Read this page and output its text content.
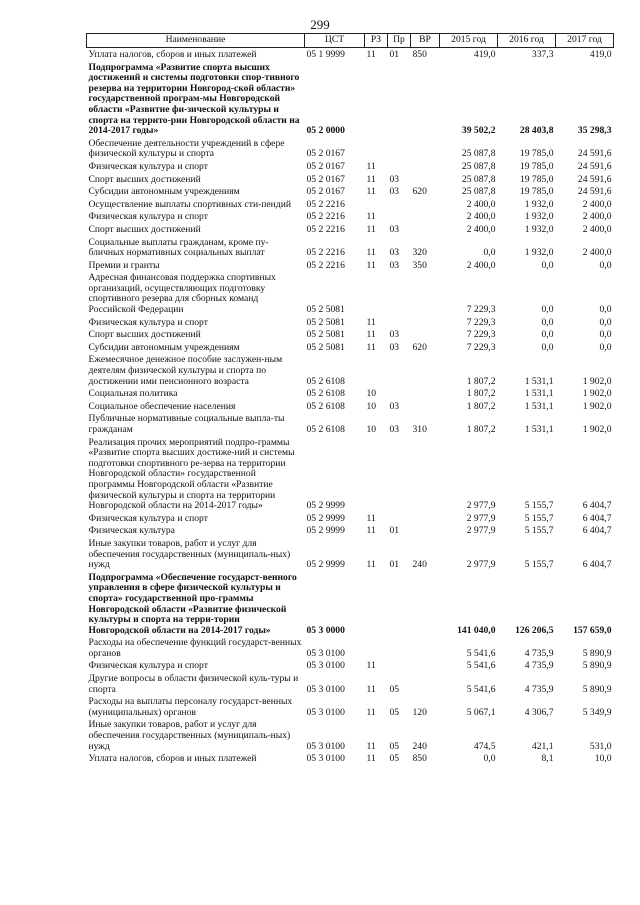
299
Наименование	ЦСТ	РЗ	Пр	ВР	2015 год	2016 год	2017 год
Уплата налогов, сборов и иных платежей	05 1 9999	11	01	850	419,0	337,3	419,0
Подпрограмма «Развитие спорта высших достижений и системы подготовки спор-тивного резерва на территории Новгород-ской области» государственной програм-мы Новгородской области «Развитие фи-зической культуры и спорта на террито-рии Новгородской области на 2014-2017 годы»	05 2 0000				39 502,2	28 403,8	35 298,3
Обеспечение деятельности учреждений в сфере физической культуры и спорта	05 2 0167				25 087,8	19 785,0	24 591,6
Физическая культура и спорт	05 2 0167	11			25 087,8	19 785,0	24 591,6
Спорт высших достижений	05 2 0167	11	03		25 087,8	19 785,0	24 591,6
Субсидии автономным учреждениям	05 2 0167	11	03	620	25 087,8	19 785,0	24 591,6
Осуществление выплаты спортивных сти-пендий	05 2 2216				2 400,0	1 932,0	2 400,0
Физическая культура и спорт	05 2 2216	11			2 400,0	1 932,0	2 400,0
Спорт высших достижений	05 2 2216	11	03		2 400,0	1 932,0	2 400,0
Социальные выплаты гражданам, кроме пу-бличных нормативных социальных выплат	05 2 2216	11	03	320	0,0	1 932,0	2 400,0
Премии и гранты	05 2 2216	11	03	350	2 400,0	0,0	0,0
Адресная финансовая поддержка спортивных организаций, осуществляющих подготовку спортивного резерва для сборных команд Российской Федерации	05 2 5081				7 229,3	0,0	0,0
Физическая культура и спорт	05 2 5081	11			7 229,3	0,0	0,0
Спорт высших достижений	05 2 5081	11	03		7 229,3	0,0	0,0
Субсидии автономным учреждениям	05 2 5081	11	03	620	7 229,3	0,0	0,0
Ежемесячное денежное пособие заслужен-ным деятелям физической культуры и спорта по достижении ими пенсионного возраста	05 2 6108				1 807,2	1 531,1	1 902,0
Социальная политика	05 2 6108	10			1 807,2	1 531,1	1 902,0
Социальное обеспечение населения	05 2 6108	10	03		1 807,2	1 531,1	1 902,0
Публичные нормативные социальные выпла-ты гражданам	05 2 6108	10	03	310	1 807,2	1 531,1	1 902,0
Реализация прочих мероприятий подпро-граммы «Развитие спорта высших достиже-ний и системы подготовки спортивного ре-зерва на территории Новгородской области» государственной программы Новгородской области «Развитие физической культуры и спорта на территории Новгородской области на 2014-2017 годы»	05 2 9999				2 977,9	5 155,7	6 404,7
Физическая культура и спорт	05 2 9999	11			2 977,9	5 155,7	6 404,7
Физическая культура	05 2 9999	11	01		2 977,9	5 155,7	6 404,7
Иные закупки товаров, работ и услуг для обеспечения государственных (муниципаль-ных) нужд	05 2 9999	11	01	240	2 977,9	5 155,7	6 404,7
Подпрограмма «Обеспечение государст-венного управления в сфере физической культуры и спорта» государственной про-граммы Новгородской области «Развитие физической культуры и спорта на терри-тории Новгородской области на 2014-2017 годы»	05 3 0000				141 040,0	126 206,5	157 659,0
Расходы на обеспечение функций государст-венных органов	05 3 0100				5 541,6	4 735,9	5 890,9
Физическая культура и спорт	05 3 0100	11			5 541,6	4 735,9	5 890,9
Другие вопросы в области физической куль-туры и спорта	05 3 0100	11	05		5 541,6	4 735,9	5 890,9
Расходы на выплаты персоналу государст-венных (муниципальных) органов	05 3 0100	11	05	120	5 067,1	4 306,7	5 349,9
Иные закупки товаров, работ и услуг для обеспечения государственных (муниципаль-ных) нужд	05 3 0100	11	05	240	474,5	421,1	531,0
Уплата налогов, сборов и иных платежей	05 3 0100	11	05	850	0,0	8,1	10,0
